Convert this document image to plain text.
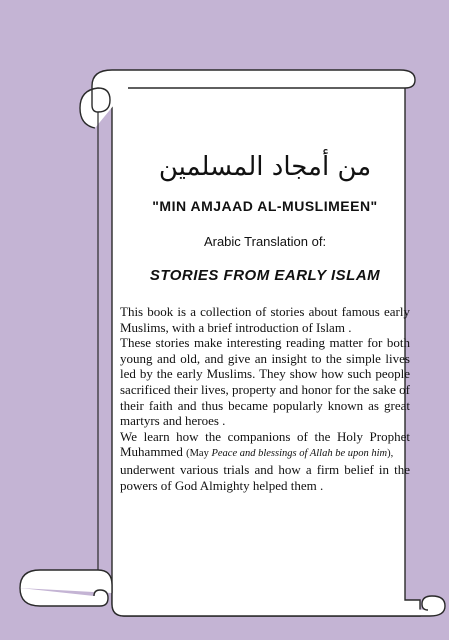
من أمجاد المسلمين
"MIN AMJAAD AL-MUSLIMEEN"
Arabic Translation of:
STORIES FROM EARLY ISLAM
This book is a collection of stories about famous early Muslims, with a brief introduction of Islam .
These stories make interesting reading matter for both young and old, and give an insight to the simple lives led by the early Muslims. They show how such people sacrificed their lives, property and honor for the sake of their faith and thus became popularly known as great martyrs and heroes .
We learn how the companions of the Holy Prophet Muhammed (May Peace and blessings of Allah be upon him),
underwent various trials and how a firm belief in the powers of God Almighty helped them .
